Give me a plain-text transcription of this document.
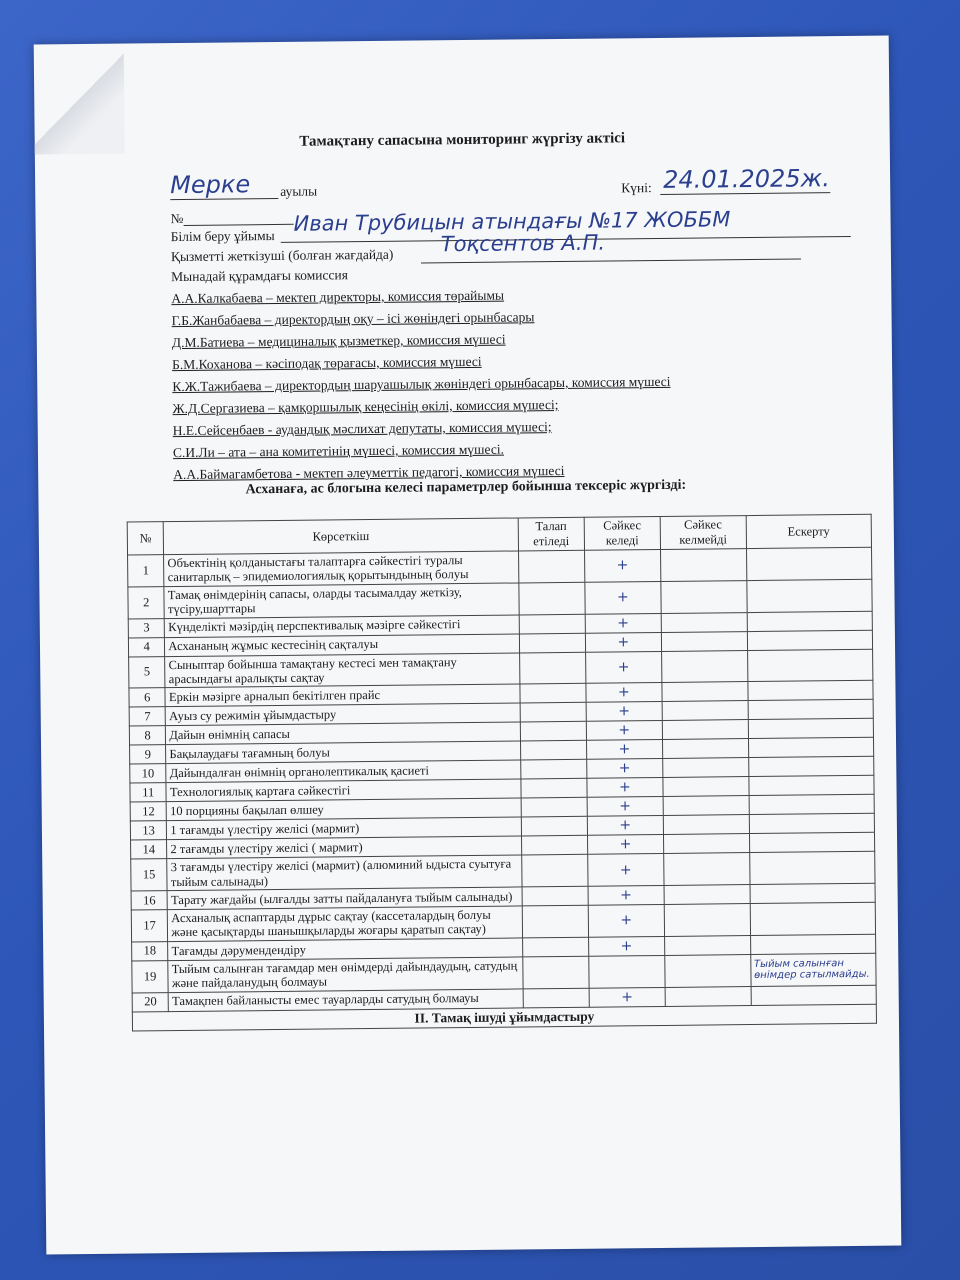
Тамақтану сапасына мониторинг жүргізу актісі
Мерке ауылы	Күні: 24.01.2025ж.
№
Білім беру ұйымы
Иван Трубицын атындағы №17 ЖОББМ
Қызметті жеткізуші (болған жағдайда) Тоқсентов А.П.
Мынадай құрамдағы комиссия
А.А.Калкабаева – мектеп директоры, комиссия төрайымы
Г.Б.Жанбабаева – директордың оқу – ісі жөніндегі орынбасары
Д.М.Батиева – медициналық қызметкер, комиссия мүшесі
Б.М.Коханова – кәсіподақ төрағасы, комиссия мүшесі
К.Ж.Тажибаева – директордың шаруашылық жөніндегі орынбасары, комиссия мүшесі
Ж.Д.Сергазиева – қамқоршылық кеңесінің өкілі, комиссия мүшесі;
Н.Е.Сейсенбаев - аудандық мәслихат депутаты, комиссия мүшесі;
С.И.Ли – ата – ана комитетінің мүшесі, комиссия мүшесі.
А.А.Баймагамбетова - мектеп әлеуметтік педагогі, комиссия мүшесі
Асханаға, ас блогына келесі параметрлер бойынша тексеріс жүргізді:
№	Көрсеткіш	Талап етіледі	Сәйкес келеді	Сәйкес келмейді	Ескерту
1	Объектінің қолданыстағы талаптарға сәйкестігі туралы санитарлық – эпидемиологиялық қорытындының болуы		+		
2	Тамақ өнімдерінің сапасы, оларды тасымалдау жеткізу, түсіру,шарттары		+		
3	Күнделікті мәзірдің перспективалық мәзірге сәйкестігі		+		
4	Асхананың жұмыс кестесінің сақталуы		+		
5	Сыныптар бойынша тамақтану кестесі мен тамақтану арасындағы аралықты сақтау		+		
6	Еркін мәзірге арналып бекітілген прайс		+		
7	Ауыз су режимін ұйымдастыру		+		
8	Дайын өнімнің сапасы		+		
9	Бақылаудағы тағамның болуы		+		
10	Дайындалған өнімнің органолептикалық қасиеті		+		
11	Технологиялық картаға сәйкестігі		+		
12	10 порцияны бақылап өлшеу		+		
13	1 тағамды үлестіру желісі (мармит)		+		
14	2 тағамды үлестіру желісі ( мармит)		+		
15	3 тағамды үлестіру желісі (мармит) (алюминий ыдыста суытуға тыйым салынады)		+		
16	Тарату жағдайы (ылғалды затты пайдалануға тыйым салынады)		+		
17	Асханалық аспаптарды дұрыс сақтау (кассеталардың болуы және қасықтарды шанышқыларды жоғары қаратып сақтау)		+		
18	Тағамды дәрумендендіру		+		
19	Тыйым салынған тағамдар мен өнімдерді дайындаудың, сатудың және пайдаланудың болмауы				Тыйым салынған өнімдер сатылмайды.
20	Тамақпен байланысты емес тауарларды сатудың болмауы		+		
ІІ. Тамақ ішуді ұйымдастыру					
